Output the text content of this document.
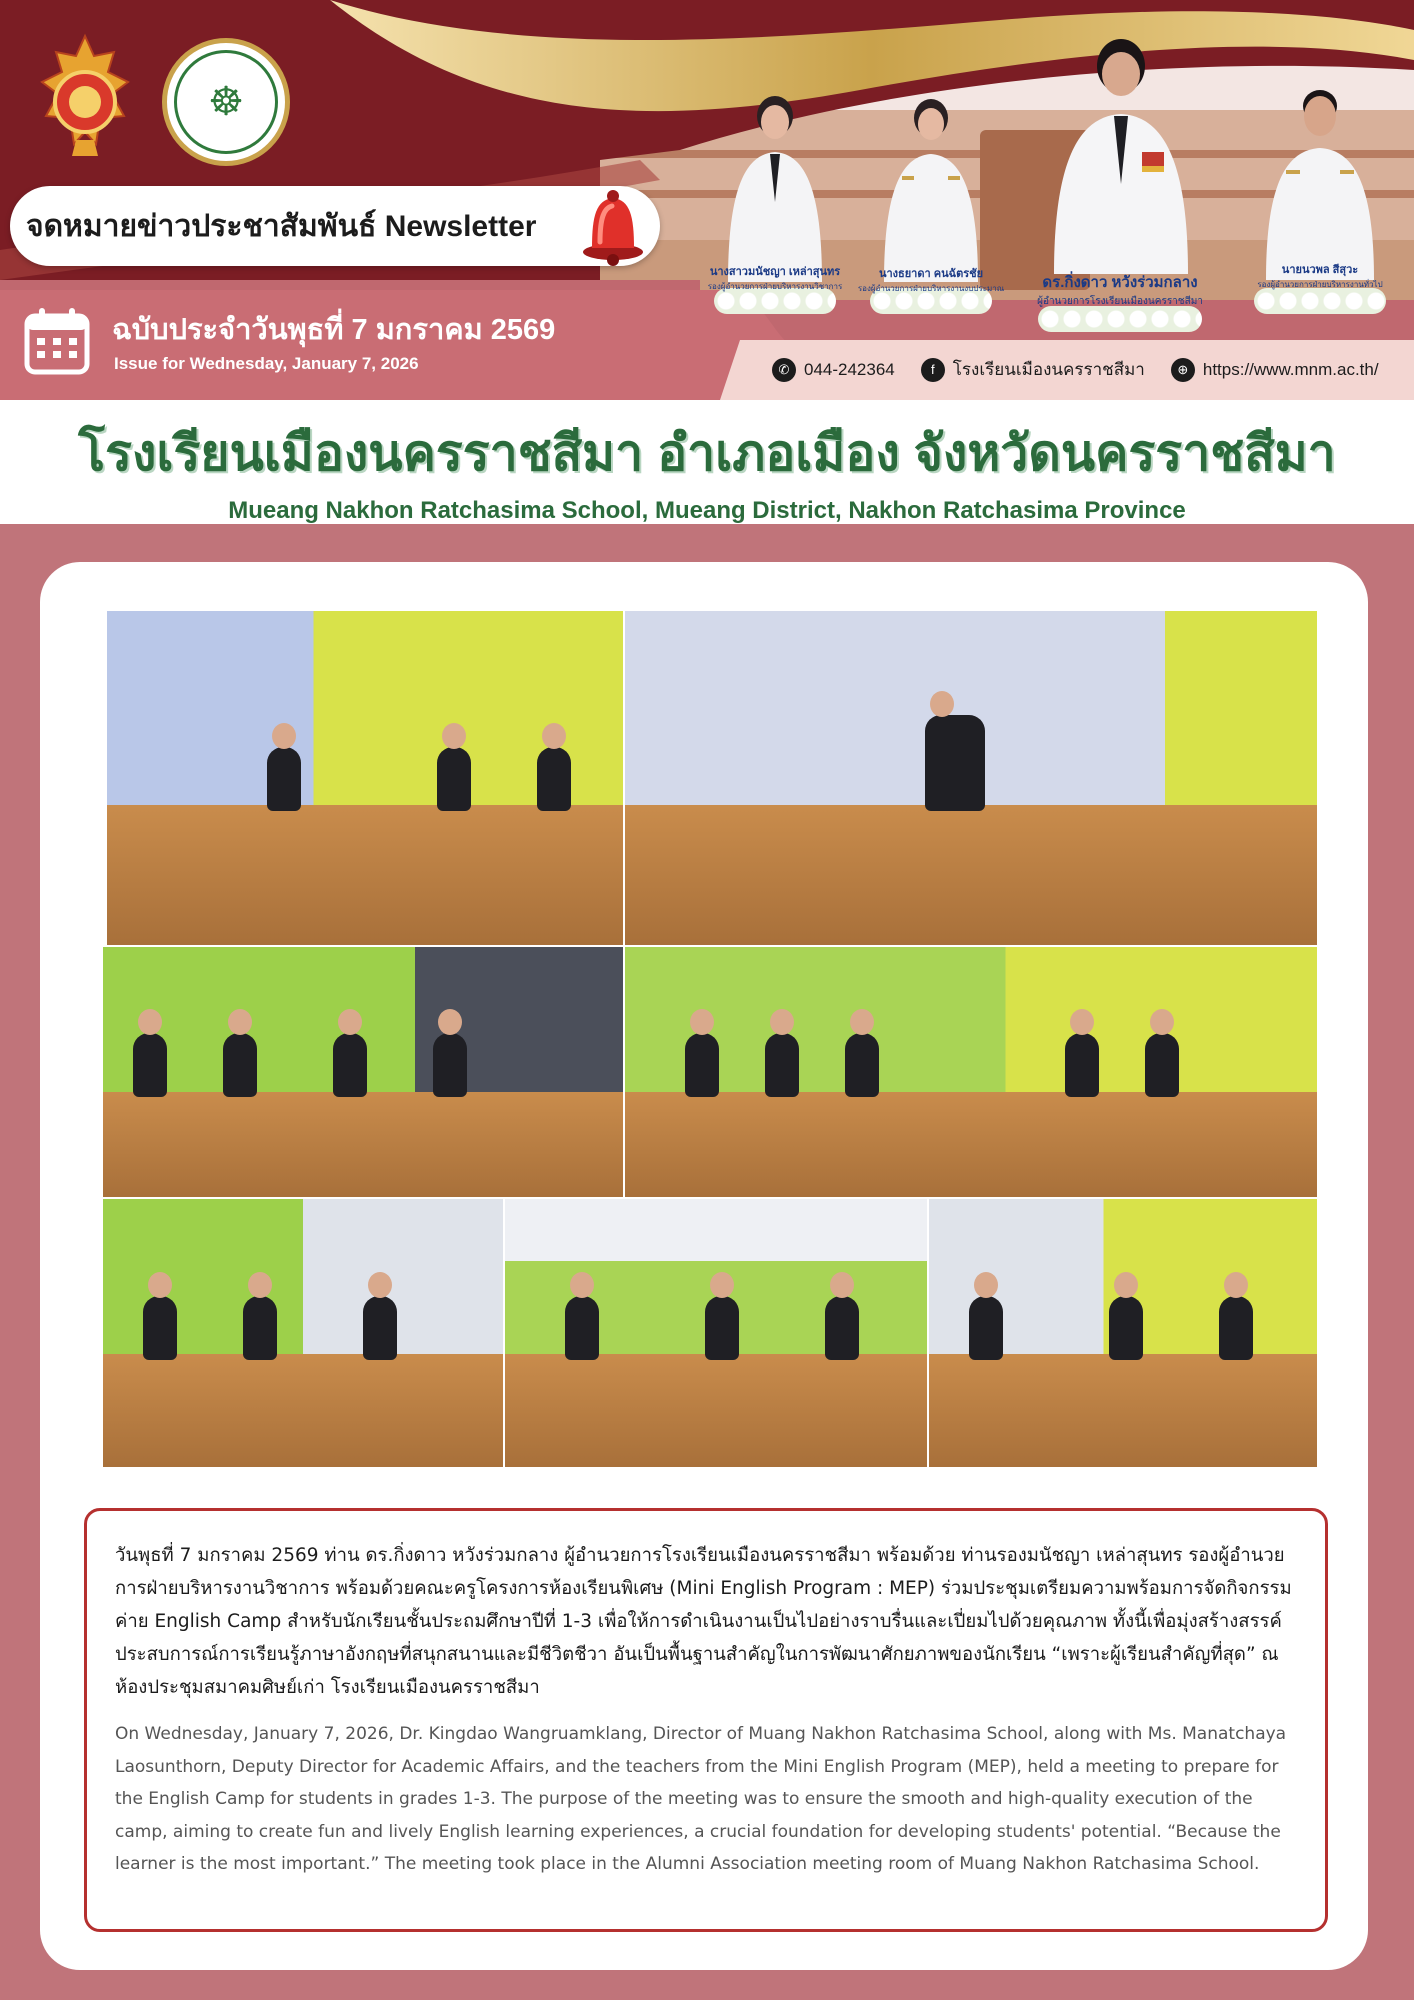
☸
จดหมายข่าวประชาสัมพันธ์ Newsletter
ฉบับประจำวันพุธที่ 7 มกราคม 2569
Issue for Wednesday, January 7, 2026	✆ 044-242364	f	โรงเรียนเมืองนครราชสีมา	⊕ https://www.mnm.ac.th/
นางสาวมนัชญา เหล่าสุนทร
รองผู้อำนวยการฝ่ายบริหารงานวิชาการ
นางธยาดา คนฉัตรชัย
รองผู้อำนวยการฝ่ายบริหารงานงบประมาณ	ดร.กิ่งดาว หวังร่วมกลาง
ผู้อำนวยการโรงเรียนเมืองนครราชสีมา
นายนวพล สีสุวะ
รองผู้อำนวยการฝ่ายบริหารงานทั่วไป
โรงเรียนเมืองนครราชสีมา อำเภอเมือง จังหวัดนครราชสีมา
Mueang Nakhon Ratchasima School, Mueang District, Nakhon Ratchasima Province

วันพุธที่ 7 มกราคม 2569 ท่าน ดร.กิ่งดาว หวังร่วมกลาง ผู้อำนวยการโรงเรียนเมืองนครราชสีมา พร้อมด้วย ท่านรองมนัชญา เหล่าสุนทร รองผู้อำนวยการฝ่ายบริหารงานวิชาการ พร้อมด้วยคณะครูโครงการห้องเรียนพิเศษ (Mini English Program : MEP) ร่วมประชุมเตรียมความพร้อมการจัดกิจกรรมค่าย English Camp สำหรับนักเรียนชั้นประถมศึกษาปีที่ 1-3 เพื่อให้การดำเนินงานเป็นไปอย่างราบรื่นและเปี่ยมไปด้วยคุณภาพ ทั้งนี้เพื่อมุ่งสร้างสรรค์ประสบการณ์การเรียนรู้ภาษาอังกฤษที่สนุกสนานและมีชีวิตชีวา อันเป็นพื้นฐานสำคัญในการพัฒนาศักยภาพของนักเรียน “เพราะผู้เรียนสำคัญที่สุด” ณ ห้องประชุมสมาคมศิษย์เก่า โรงเรียนเมืองนครราชสีมา

On Wednesday, January 7, 2026, Dr. Kingdao Wangruamklang, Director of Muang Nakhon Ratchasima School, along with Ms. Manatchaya Laosunthorn, Deputy Director for Academic Affairs, and the teachers from the Mini English Program (MEP), held a meeting to prepare for the English Camp for students in grades 1-3. The purpose of the meeting was to ensure the smooth and high-quality execution of the camp, aiming to create fun and lively English learning experiences, a crucial foundation for developing students' potential. “Because the learner is the most important.” The meeting took place in the Alumni Association meeting room of Muang Nakhon Ratchasima School.
